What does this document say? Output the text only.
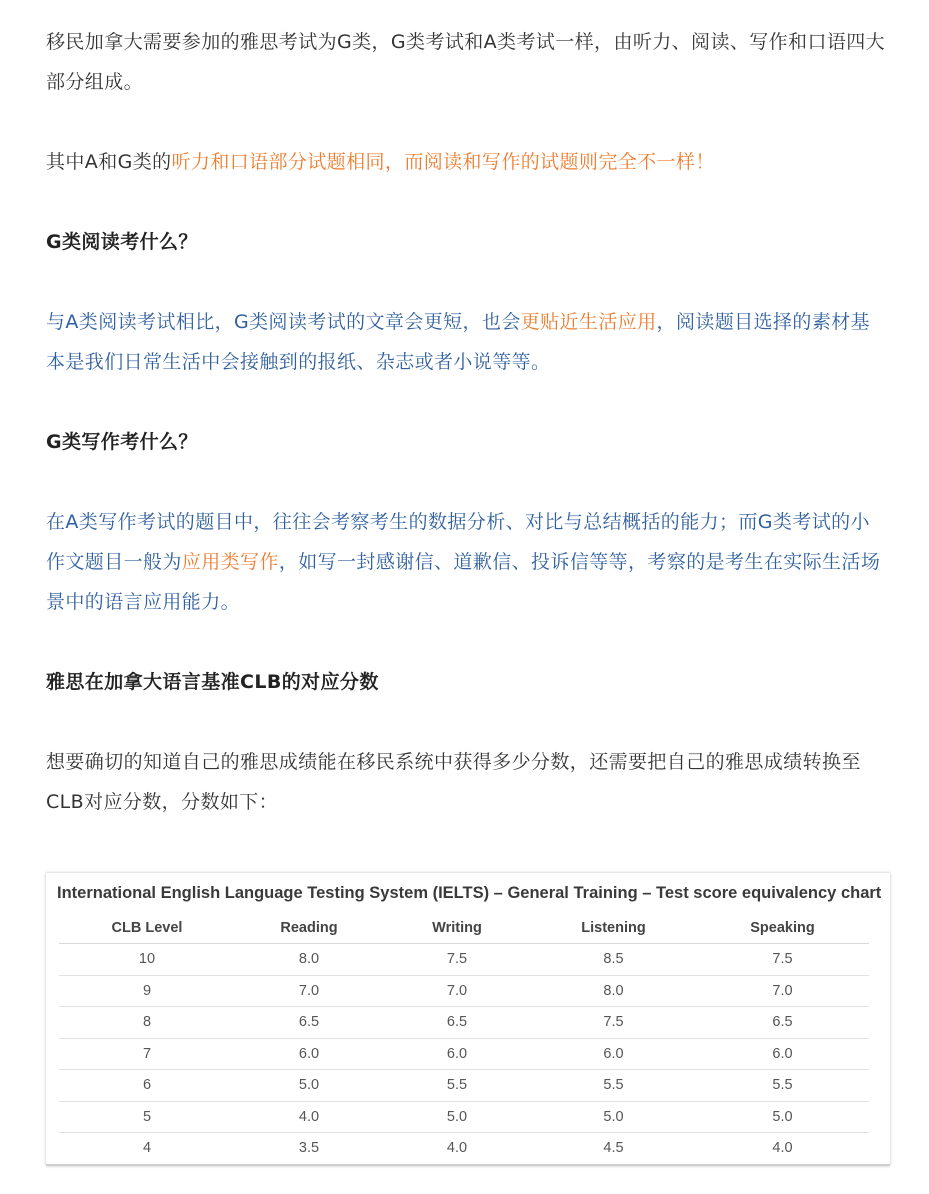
移民加拿大需要参加的雅思考试为G类，G类考试和A类考试一样，由听力、阅读、写作和口语四大部分组成。

其中A和G类的听力和口语部分试题相同，而阅读和写作的试题则完全不一样！

G类阅读考什么？

与A类阅读考试相比，G类阅读考试的文章会更短，也会更贴近生活应用，阅读题目选择的素材基本是我们日常生活中会接触到的报纸、杂志或者小说等等。

G类写作考什么？

在A类写作考试的题目中，往往会考察考生的数据分析、对比与总结概括的能力；而G类考试的小作文题目一般为应用类写作，如写一封感谢信、道歉信、投诉信等等，考察的是考生在实际生活场景中的语言应用能力。

雅思在加拿大语言基准CLB的对应分数

想要确切的知道自己的雅思成绩能在移民系统中获得多少分数，还需要把自己的雅思成绩转换至CLB对应分数，分数如下：

International English Language Testing System (IELTS) – General Training – Test score equivalency chart
CLB Level	Reading	Writing	Listening	Speaking
10	8.0	7.5	8.5	7.5
9	7.0	7.0	8.0	7.0
8	6.5	6.5	7.5	6.5
7	6.0	6.0	6.0	6.0
6	5.0	5.5	5.5	5.5
5	4.0	5.0	5.0	5.0
4	3.5	4.0	4.5	4.0
